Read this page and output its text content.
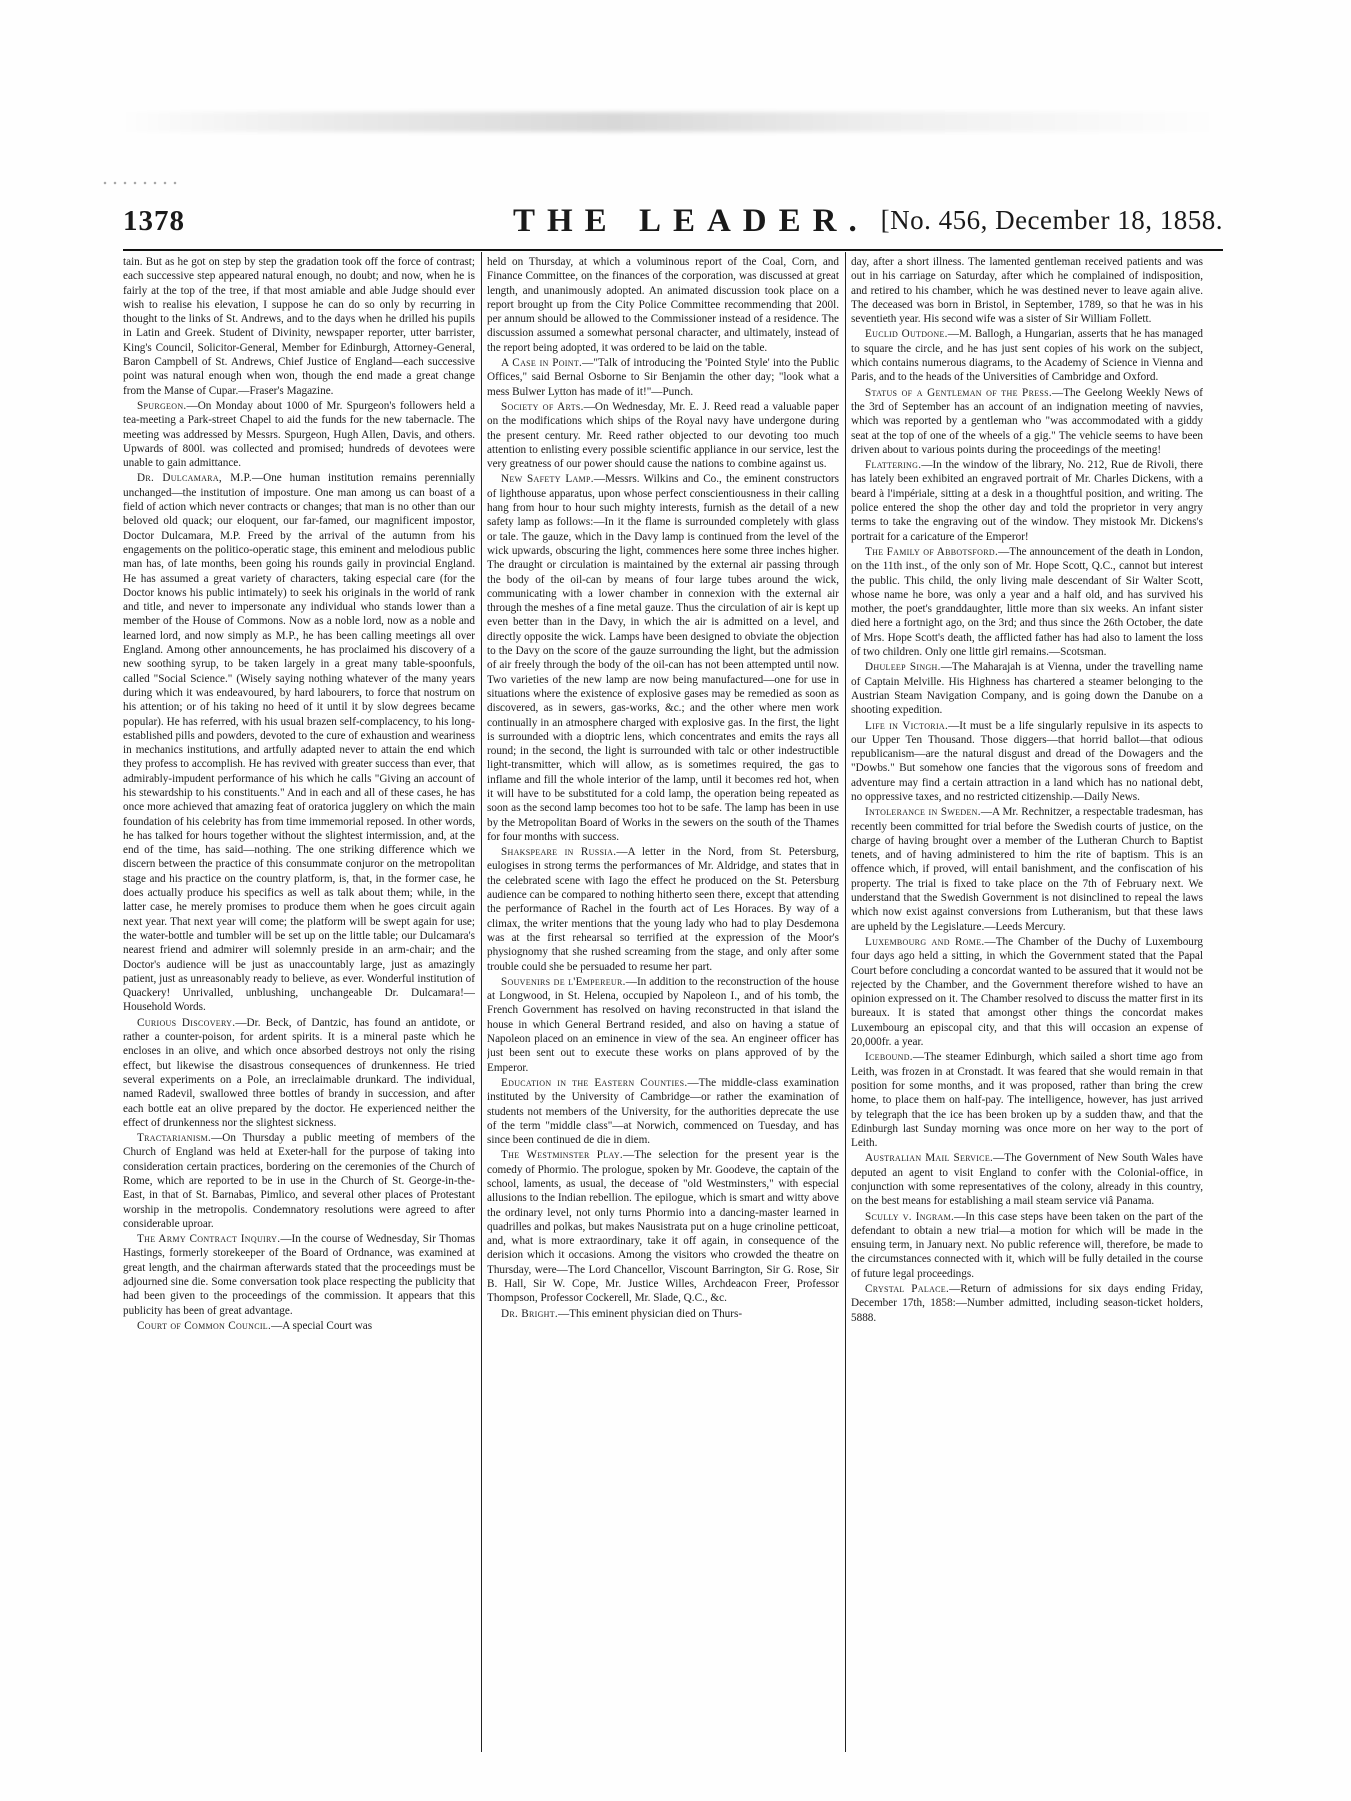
1378	THE LEADER. [No. 456, December 18, 1858.

tain. But as he got on step by step the gradation took off the force of contrast; each successive step appeared natural enough, no doubt; and now, when he is fairly at the top of the tree, if that most amiable and able Judge should ever wish to realise his elevation, I suppose he can do so only by recurring in thought to the links of St. Andrews, and to the days when he drilled his pupils in Latin and Greek. Student of Divinity, newspaper reporter, utter barrister, King's Council, Solicitor-General, Member for Edinburgh, Attorney-General, Baron Campbell of St. Andrews, Chief Justice of England—each successive point was natural enough when won, though the end made a great change from the Manse of Cupar.—Fraser's Magazine.

Spurgeon.—On Monday about 1000 of Mr. Spurgeon's followers held a tea-meeting a Park-street Chapel to aid the funds for the new tabernacle. The meeting was addressed by Messrs. Spurgeon, Hugh Allen, Davis, and others. Upwards of 800l. was collected and promised; hundreds of devotees were unable to gain admittance.

Dr. Dulcamara, M.P.—One human institution remains perennially unchanged—the institution of imposture. One man among us can boast of a field of action which never contracts or changes; that man is no other than our beloved old quack; our eloquent, our far-famed, our magnificent impostor, Doctor Dulcamara, M.P. Freed by the arrival of the autumn from his engagements on the politico-operatic stage, this eminent and melodious public man has, of late months, been going his rounds gaily in provincial England. He has assumed a great variety of characters, taking especial care (for the Doctor knows his public intimately) to seek his originals in the world of rank and title, and never to impersonate any individual who stands lower than a member of the House of Commons. Now as a noble lord, now as a noble and learned lord, and now simply as M.P., he has been calling meetings all over England. Among other announcements, he has proclaimed his discovery of a new soothing syrup, to be taken largely in a great many table-spoonfuls, called "Social Science." (Wisely saying nothing whatever of the many years during which it was endeavoured, by hard labourers, to force that nostrum on his attention; or of his taking no heed of it until it by slow degrees became popular). He has referred, with his usual brazen self-complacency, to his long-established pills and powders, devoted to the cure of exhaustion and weariness in mechanics institutions, and artfully adapted never to attain the end which they profess to accomplish. He has revived with greater success than ever, that admirably-impudent performance of his which he calls "Giving an account of his stewardship to his constituents." And in each and all of these cases, he has once more achieved that amazing feat of oratorica jugglery on which the main foundation of his celebrity has from time immemorial reposed. In other words, he has talked for hours together without the slightest intermission, and, at the end of the time, has said—nothing. The one striking difference which we discern between the practice of this consummate conjuror on the metropolitan stage and his practice on the country platform, is, that, in the former case, he does actually produce his specifics as well as talk about them; while, in the latter case, he merely promises to produce them when he goes circuit again next year. That next year will come; the platform will be swept again for use; the water-bottle and tumbler will be set up on the little table; our Dulcamara's nearest friend and admirer will solemnly preside in an arm-chair; and the Doctor's audience will be just as unaccountably large, just as amazingly patient, just as unreasonably ready to believe, as ever. Wonderful institution of Quackery! Unrivalled, unblushing, unchangeable Dr. Dulcamara!—Household Words.

Curious Discovery.—Dr. Beck, of Dantzic, has found an antidote, or rather a counter-poison, for ardent spirits. It is a mineral paste which he encloses in an olive, and which once absorbed destroys not only the rising effect, but likewise the disastrous consequences of drunkenness. He tried several experiments on a Pole, an irreclaimable drunkard. The individual, named Radevil, swallowed three bottles of brandy in succession, and after each bottle eat an olive prepared by the doctor. He experienced neither the effect of drunkenness nor the slightest sickness.

Tractarianism.—On Thursday a public meeting of members of the Church of England was held at Exeter-hall for the purpose of taking into consideration certain practices, bordering on the ceremonies of the Church of Rome, which are reported to be in use in the Church of St. George-in-the-East, in that of St. Barnabas, Pimlico, and several other places of Protestant worship in the metropolis. Condemnatory resolutions were agreed to after considerable uproar.

The Army Contract Inquiry.—In the course of Wednesday, Sir Thomas Hastings, formerly storekeeper of the Board of Ordnance, was examined at great length, and the chairman afterwards stated that the proceedings must be adjourned sine die. Some conversation took place respecting the publicity that had been given to the proceedings of the commission. It appears that this publicity has been of great advantage.

Court of Common Council.—A special Court was

held on Thursday, at which a voluminous report of the Coal, Corn, and Finance Committee, on the finances of the corporation, was discussed at great length, and unanimously adopted. An animated discussion took place on a report brought up from the City Police Committee recommending that 200l. per annum should be allowed to the Commissioner instead of a residence. The discussion assumed a somewhat personal character, and ultimately, instead of the report being adopted, it was ordered to be laid on the table.

A Case in Point.—"Talk of introducing the 'Pointed Style' into the Public Offices," said Bernal Osborne to Sir Benjamin the other day; "look what a mess Bulwer Lytton has made of it!"—Punch.

Society of Arts.—On Wednesday, Mr. E. J. Reed read a valuable paper on the modifications which ships of the Royal navy have undergone during the present century. Mr. Reed rather objected to our devoting too much attention to enlisting every possible scientific appliance in our service, lest the very greatness of our power should cause the nations to combine against us.

New Safety Lamp.—Messrs. Wilkins and Co., the eminent constructors of lighthouse apparatus, upon whose perfect conscientiousness in their calling hang from hour to hour such mighty interests, furnish as the detail of a new safety lamp as follows:—In it the flame is surrounded completely with glass or tale. The gauze, which in the Davy lamp is continued from the level of the wick upwards, obscuring the light, commences here some three inches higher. The draught or circulation is maintained by the external air passing through the body of the oil-can by means of four large tubes around the wick, communicating with a lower chamber in connexion with the external air through the meshes of a fine metal gauze. Thus the circulation of air is kept up even better than in the Davy, in which the air is admitted on a level, and directly opposite the wick. Lamps have been designed to obviate the objection to the Davy on the score of the gauze surrounding the light, but the admission of air freely through the body of the oil-can has not been attempted until now. Two varieties of the new lamp are now being manufactured—one for use in situations where the existence of explosive gases may be remedied as soon as discovered, as in sewers, gas-works, &c.; and the other where men work continually in an atmosphere charged with explosive gas. In the first, the light is surrounded with a dioptric lens, which concentrates and emits the rays all round; in the second, the light is surrounded with talc or other indestructible light-transmitter, which will allow, as is sometimes required, the gas to inflame and fill the whole interior of the lamp, until it becomes red hot, when it will have to be substituted for a cold lamp, the operation being repeated as soon as the second lamp becomes too hot to be safe. The lamp has been in use by the Metropolitan Board of Works in the sewers on the south of the Thames for four months with success.

Shakspeare in Russia.—A letter in the Nord, from St. Petersburg, eulogises in strong terms the performances of Mr. Aldridge, and states that in the celebrated scene with Iago the effect he produced on the St. Petersburg audience can be compared to nothing hitherto seen there, except that attending the performance of Rachel in the fourth act of Les Horaces. By way of a climax, the writer mentions that the young lady who had to play Desdemona was at the first rehearsal so terrified at the expression of the Moor's physiognomy that she rushed screaming from the stage, and only after some trouble could she be persuaded to resume her part.

Souvenirs de l'Empereur.—In addition to the reconstruction of the house at Longwood, in St. Helena, occupied by Napoleon I., and of his tomb, the French Government has resolved on having reconstructed in that island the house in which General Bertrand resided, and also on having a statue of Napoleon placed on an eminence in view of the sea. An engineer officer has just been sent out to execute these works on plans approved of by the Emperor.

Education in the Eastern Counties.—The middle-class examination instituted by the University of Cambridge—or rather the examination of students not members of the University, for the authorities deprecate the use of the term "middle class"—at Norwich, commenced on Tuesday, and has since been continued de die in diem.

The Westminster Play.—The selection for the present year is the comedy of Phormio. The prologue, spoken by Mr. Goodeve, the captain of the school, laments, as usual, the decease of "old Westminsters," with especial allusions to the Indian rebellion. The epilogue, which is smart and witty above the ordinary level, not only turns Phormio into a dancing-master learned in quadrilles and polkas, but makes Nausistrata put on a huge crinoline petticoat, and, what is more extraordinary, take it off again, in consequence of the derision which it occasions. Among the visitors who crowded the theatre on Thursday, were—The Lord Chancellor, Viscount Barrington, Sir G. Rose, Sir B. Hall, Sir W. Cope, Mr. Justice Willes, Archdeacon Freer, Professor Thompson, Professor Cockerell, Mr. Slade, Q.C., &c.

Dr. Bright.—This eminent physician died on Thurs-

day, after a short illness. The lamented gentleman received patients and was out in his carriage on Saturday, after which he complained of indisposition, and retired to his chamber, which he was destined never to leave again alive. The deceased was born in Bristol, in September, 1789, so that he was in his seventieth year. His second wife was a sister of Sir William Follett.

Euclid Outdone.—M. Ballogh, a Hungarian, asserts that he has managed to square the circle, and he has just sent copies of his work on the subject, which contains numerous diagrams, to the Academy of Science in Vienna and Paris, and to the heads of the Universities of Cambridge and Oxford.

Status of a Gentleman of the Press.—The Geelong Weekly News of the 3rd of September has an account of an indignation meeting of navvies, which was reported by a gentleman who "was accommodated with a giddy seat at the top of one of the wheels of a gig." The vehicle seems to have been driven about to various points during the proceedings of the meeting!

Flattering.—In the window of the library, No. 212, Rue de Rivoli, there has lately been exhibited an engraved portrait of Mr. Charles Dickens, with a beard à l'impériale, sitting at a desk in a thoughtful position, and writing. The police entered the shop the other day and told the proprietor in very angry terms to take the engraving out of the window. They mistook Mr. Dickens's portrait for a caricature of the Emperor!

The Family of Abbotsford.—The announcement of the death in London, on the 11th inst., of the only son of Mr. Hope Scott, Q.C., cannot but interest the public. This child, the only living male descendant of Sir Walter Scott, whose name he bore, was only a year and a half old, and has survived his mother, the poet's granddaughter, little more than six weeks. An infant sister died here a fortnight ago, on the 3rd; and thus since the 26th October, the date of Mrs. Hope Scott's death, the afflicted father has had also to lament the loss of two children. Only one little girl remains.—Scotsman.

Dhuleep Singh.—The Maharajah is at Vienna, under the travelling name of Captain Melville. His Highness has chartered a steamer belonging to the Austrian Steam Navigation Company, and is going down the Danube on a shooting expedition.

Life in Victoria.—It must be a life singularly repulsive in its aspects to our Upper Ten Thousand. Those diggers—that horrid ballot—that odious republicanism—are the natural disgust and dread of the Dowagers and the "Dowbs." But somehow one fancies that the vigorous sons of freedom and adventure may find a certain attraction in a land which has no national debt, no oppressive taxes, and no restricted citizenship.—Daily News.

Intolerance in Sweden.—A Mr. Rechnitzer, a respectable tradesman, has recently been committed for trial before the Swedish courts of justice, on the charge of having brought over a member of the Lutheran Church to Baptist tenets, and of having administered to him the rite of baptism. This is an offence which, if proved, will entail banishment, and the confiscation of his property. The trial is fixed to take place on the 7th of February next. We understand that the Swedish Government is not disinclined to repeal the laws which now exist against conversions from Lutheranism, but that these laws are upheld by the Legislature.—Leeds Mercury.

Luxembourg and Rome.—The Chamber of the Duchy of Luxembourg four days ago held a sitting, in which the Government stated that the Papal Court before concluding a concordat wanted to be assured that it would not be rejected by the Chamber, and the Government therefore wished to have an opinion expressed on it. The Chamber resolved to discuss the matter first in its bureaux. It is stated that amongst other things the concordat makes Luxembourg an episcopal city, and that this will occasion an expense of 20,000fr. a year.

Icebound.—The steamer Edinburgh, which sailed a short time ago from Leith, was frozen in at Cronstadt. It was feared that she would remain in that position for some months, and it was proposed, rather than bring the crew home, to place them on half-pay. The intelligence, however, has just arrived by telegraph that the ice has been broken up by a sudden thaw, and that the Edinburgh last Sunday morning was once more on her way to the port of Leith.

Australian Mail Service.—The Government of New South Wales have deputed an agent to visit England to confer with the Colonial-office, in conjunction with some representatives of the colony, already in this country, on the best means for establishing a mail steam service viâ Panama.

Scully v. Ingram.—In this case steps have been taken on the part of the defendant to obtain a new trial—a motion for which will be made in the ensuing term, in January next. No public reference will, therefore, be made to the circumstances connected with it, which will be fully detailed in the course of future legal proceedings.

Crystal Palace.—Return of admissions for six days ending Friday, December 17th, 1858:—Number admitted, including season-ticket holders, 5888.
